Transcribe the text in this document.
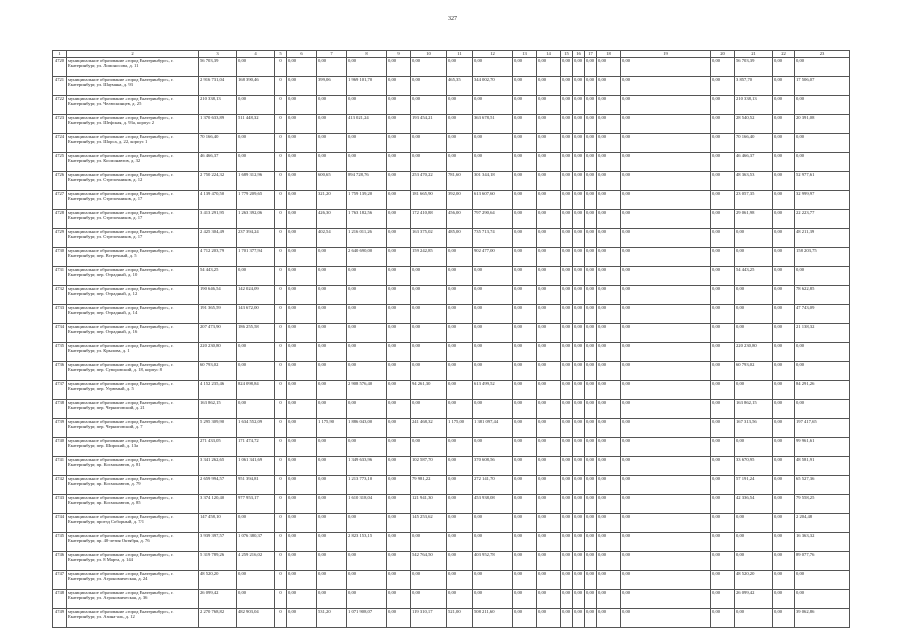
327
1	2	3	4	5	6	7	8	9	10	11	12	13	14	15	16	17	18	19	20	21	22	23
4720	муниципальное образование «город Екатеринбург», г. Екатеринбург, ул. Ломоносова, д. 11	56 703,39	0,00	0	0,00	0,00	0,00	0,00	0,00	0,00	0,00	0,00	0,00	0,00	0,00	0,00	0,00	0,00	0,00	56 703,39	0,00	0,00
4721	муниципальное образование «город Екатеринбург», г. Екатеринбург, ул. Шаумяна, д. 93	2 916 731,04	168 390,46	0	0,00	399,06	1 969 101,70	0,00	0,00	465,35	344 002,70	0,00	0,00	0,00	0,00	0,00	0,00	0,00	0,00	3 857,70	0,00	17 506,07
4722	муниципальное образование «город Екатеринбург», г. Екатеринбург, ул. Челюскинцев, д. 25	210 338,13	0,00	0	0,00	0,00	0,00	0,00	0,00	0,00	0,00	0,00	0,00	0,00	0,00	0,00	0,00	0,00	0,00	210 338,13	0,00	0,00
4723	муниципальное образование «город Екатеринбург», г. Екатеринбург, ул. Шефская, д. 93а, корпус 2	1 370 633,89	511 448,32	0	0,00	0,00	413 021,24	0,00	193 454,21	0,00	363 678,51	0,00	0,00	0,00	0,00	0,00	0,00	0,00	0,00	28 540,52	0,00	20 391,08
4724	муниципальное образование «город Екатеринбург», г. Екатеринбург, ул. Шорса, д. 22, корпус 1	70 166,40	0,00	0	0,00	0,00	0,00	0,00	0,00	0,00	0,00	0,00	0,00	0,00	0,00	0,00	0,00	0,00	0,00	70 166,40	0,00	0,00
4725	муниципальное образование «город Екатеринбург», г. Екатеринбург, ул. Космонавтов, д. 32	46 466,37	0,00	0	0,00	0,00	0,00	0,00	0,00	0,00	0,00	0,00	0,00	0,00	0,00	0,00	0,00	0,00	0,00	46 466,37	0,00	0,00
4726	муниципальное образование «город Екатеринбург», г. Екатеринбург, ул. Стрелочников, д. 12	2 750 224,32	1 689 312,96	0	0,00	600,65	894 728,76	0,00	253 470,22	781,60	301 344,18	0,00	0,00	0,00	0,00	0,00	0,00	0,00	0,00	48 363,53	0,00	52 977,61
4727	муниципальное образование «город Екатеринбург», г. Екатеринбург, ул. Стрелочников, д. 17	4 139 470,50	1 779 209,65	0	0,00	321,20	1 759 139,20	0,00	181 665,90	392,00	613 607,60	0,00	0,00	0,00	0,00	0,00	0,00	0,00	0,00	23 057,35	0,00	32 999,97
4728	муниципальное образование «город Екатеринбург», г. Екатеринбург, ул. Стрелочников, д. 17	3 413 291,95	1 263 392,06	0	0,00	426,30	1 763 182,56	0,00	172 410,88	456,00	797 290,64	0,00	0,00	0,00	0,00	0,00	0,00	0,00	0,00	29 061,98	0,00	22 223,77
4729	муниципальное образование «город Екатеринбург», г. Екатеринбург, ул. Стрелочников, д. 17	2 425 304,49	237 394,24	0	0,00	402,54	1 216 011,26	0,00	163 375,02	485,00	735 713,74	0,00	0,00	0,00	0,00	0,00	0,00	0,00	0,00	0,00	0,00	48 211,39
4730	муниципальное образование «город Екатеринбург», г. Екатеринбург, пер. Встречный, д. 5	4 712 203,79	1 701 377,94	0	0,00	0,00	2 640 690,00	0,00	159 242,85	0,00	902 477,00	0,00	0,00	0,00	0,00	0,00	0,00	0,00	0,00	0,00	0,00	158 203,75
4731	муниципальное образование «город Екатеринбург», г. Екатеринбург, пер. Отрадный, д. 10	54 443,25	0,00	0	0,00	0,00	0,00	0,00	0,00	0,00	0,00	0,00	0,00	0,00	0,00	0,00	0,00	0,00	0,00	54 443,25	0,00	0,00
4732	муниципальное образование «город Екатеринбург», г. Екатеринбург, пер. Отрадный, д. 12	190 646,54	142 024,09	0	0,00	0,00	0,00	0,00	0,00	0,00	0,00	0,00	0,00	0,00	0,00	0,00	0,00	0,00	0,00	0,00	0,00	78 622,85
4733	муниципальное образование «город Екатеринбург», г. Екатеринбург, пер. Отрадный, д. 14	191 365,59	143 672,00	0	0,00	0,00	0,00	0,00	0,00	0,00	0,00	0,00	0,00	0,00	0,00	0,00	0,00	0,00	0,00	0,00	0,00	47 743,09
4734	муниципальное образование «город Екатеринбург», г. Екатеринбург, пер. Отрадный, д. 16	207 473,90	186 255,58	0	0,00	0,00	0,00	0,00	0,00	0,00	0,00	0,00	0,00	0,00	0,00	0,00	0,00	0,00	0,00	0,00	0,00	21 138,32
4735	муниципальное образование «город Екатеринбург», г. Екатеринбург, ул. Крылова, д. 1	220 230,80	0,00	0	0,00	0,00	0,00	0,00	0,00	0,00	0,00	0,00	0,00	0,00	0,00	0,00	0,00	0,00	0,00	220 230,80	0,00	0,00
4736	муниципальное образование «город Екатеринбург», г. Екатеринбург, пер. Суворовский, д. 18, корпус 8	60 793,02	0,00	0	0,00	0,00	0,00	0,00	0,00	0,00	0,00	0,00	0,00	0,00	0,00	0,00	0,00	0,00	0,00	60 793,02	0,00	0,00
4737	муниципальное образование «город Екатеринбург», г. Екатеринбург, пер. Угрюмый, д. 5	4 152 235,46	824 098,84	0	0,00	0,00	2 908 576,40	0,00	94 261,30	0,00	613 499,52	0,00	0,00	0,00	0,00	0,00	0,00	0,00	0,00	0,00	0,00	84 291,26
4738	муниципальное образование «город Екатеринбург», г. Екатеринбург, пер. Черниговский, д. 21	163 862,15	0,00	0	0,00	0,00	0,00	0,00	0,00	0,00	0,00	0,00	0,00	0,00	0,00	0,00	0,00	0,00	0,00	163 862,15	0,00	0,00
4739	муниципальное образование «город Екатеринбург», г. Екатеринбург, пер. Черниговский, д. 7	5 295 309,90	1 634 552,09	0	0,00	1 175,90	1 886 043,00	0,00	241 468,32	1 175,00	1 381 097,44	0,00	0,00	0,00	0,00	0,00	0,00	0,00	0,00	167 313,56	0,00	197 417,65
4740	муниципальное образование «город Екатеринбург», г. Екатеринбург, пер. Широкий, д. 13а	271 433,05	171 474,72	0	0,00	0,00	0,00	0,00	0,00	0,00	0,00	0,00	0,00	0,00	0,00	0,00	0,00	0,00	0,00	0,00	0,00	99 961,61
4741	муниципальное образование «город Екатеринбург», г. Екатеринбург, пр. Космонавтов, д. 81	3 341 262,65	1 061 341,69	0	0,00	0,00	1 349 633,96	0,00	102 587,70	0,00	370 608,56	0,00	0,00	0,00	0,00	0,00	0,00	0,00	0,00	33 670,95	0,00	48 581,91
4742	муниципальное образование «город Екатеринбург», г. Екатеринбург, пр. Космонавтов, д. 79	2 659 994,57	951 394,81	0	0,00	0,00	1 213 773,10	0,00	79 981,22	0,00	272 141,70	0,00	0,00	0,00	0,00	0,00	0,00	0,00	0,00	57 191,24	0,00	65 527,36
4743	муниципальное образование «город Екатеринбург», г. Екатеринбург, пр. Космонавтов, д. 85	3 374 120,40	977 953,17	0	0,00	0,00	1 610 318,04	0,00	121 941,30	0,00	453 938,08	0,00	0,00	0,00	0,00	0,00	0,00	0,00	0,00	42 336,54	0,00	79 558,25
4744	муниципальное образование «город Екатеринбург», г. Екатеринбург, проезд Соборный, д. 7/1	147 458,10	0,00	0	0,00	0,00	0,00	0,00	145 253,62	0,00	0,00	0,00	0,00	0,00	0,00	0,00	0,00	0,00	0,00	0,00	0,00	2 204,48
4745	муниципальное образование «город Екатеринбург», г. Екатеринбург, пр. 40-летия Октября, д. 76	3 939 397,57	1 076 380,37	0	0,00	0,00	2 823 153,15	0,00	0,00	0,00	0,00	0,00	0,00	0,00	0,00	0,00	0,00	0,00	0,00	0,00	0,00	16 363,32
4746	муниципальное образование «город Екатеринбург», г. Екатеринбург, ул. 8 Марта, д. 144	5 319 789,26	4 259 216,02	0	0,00	0,00	0,00	0,00	542 764,50	0,00	403 952,78	0,00	0,00	0,00	0,00	0,00	0,00	0,00	0,00	0,00	0,00	89 077,76
4747	муниципальное образование «город Екатеринбург», г. Екатеринбург, ул. Агрономическая, д. 24	48 520,20	0,00	0	0,00	0,00	0,00	0,00	0,00	0,00	0,00	0,00	0,00	0,00	0,00	0,00	0,00	0,00	0,00	48 520,20	0,00	0,00
4748	муниципальное образование «город Екатеринбург», г. Екатеринбург, ул. Агрономическая, д. 36	26 099,42	0,00	0	0,00	0,00	0,00	0,00	0,00	0,00	0,00	0,00	0,00	0,00	0,00	0,00	0,00	0,00	0,00	26 099,42	0,00	0,00
4749	муниципальное образование «город Екатеринбург», г. Екатеринбург, ул. Азина-аль, д. 12	2 270 768,82	482 903,04	0	0,00	531,20	1 071 908,07	0,00	119 310,17	521,00	508 211,60	0,00	0,00	0,00	0,00	0,00	0,00	0,00	0,00	0,00	0,00	39 062,86
